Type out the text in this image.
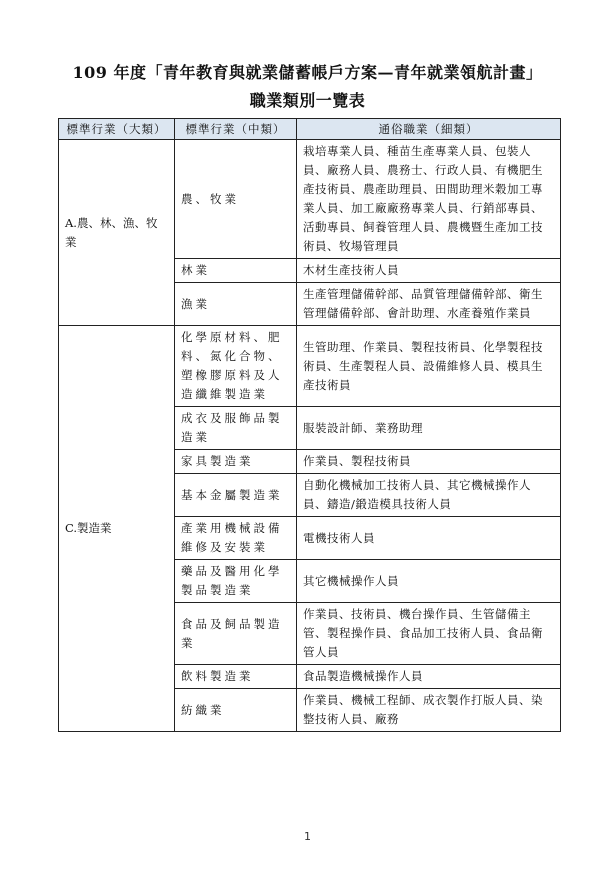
109 年度「青年教育與就業儲蓄帳戶方案—青年就業領航計畫」
職業類別一覽表
標準行業（大類）	標準行業（中類）	通俗職業（細類）
A.農、林、漁、牧業	農、牧業	栽培專業人員、種苗生產專業人員、包裝人員、廠務人員、農務士、行政人員、有機肥生產技術員、農產助理員、田間助理米穀加工專業人員、加工廠廠務專業人員、行銷部專員、活動專員、飼養管理人員、農機暨生產加工技術員、牧場管理員
	林業	木材生產技術人員
	漁業	生產管理儲備幹部、品質管理儲備幹部、衛生管理儲備幹部、會計助理、水產養殖作業員
C.製造業	化學原材料、肥料、氮化合物、塑橡膠原料及人造纖維製造業	生管助理、作業員、製程技術員、化學製程技術員、生產製程人員、設備維修人員、模具生產技術員
	成衣及服飾品製造業	服裝設計師、業務助理
	家具製造業	作業員、製程技術員
	基本金屬製造業	自動化機械加工技術人員、其它機械操作人員、鑄造/鍛造模具技術人員
	產業用機械設備維修及安裝業	電機技術人員
	藥品及醫用化學製品製造業	其它機械操作人員
	食品及飼品製造業	作業員、技術員、機台操作員、生管儲備主管、製程操作員、食品加工技術人員、食品衛管人員
	飲料製造業	食品製造機械操作人員
	紡織業	作業員、機械工程師、成衣製作打版人員、染整技術人員、廠務
1
